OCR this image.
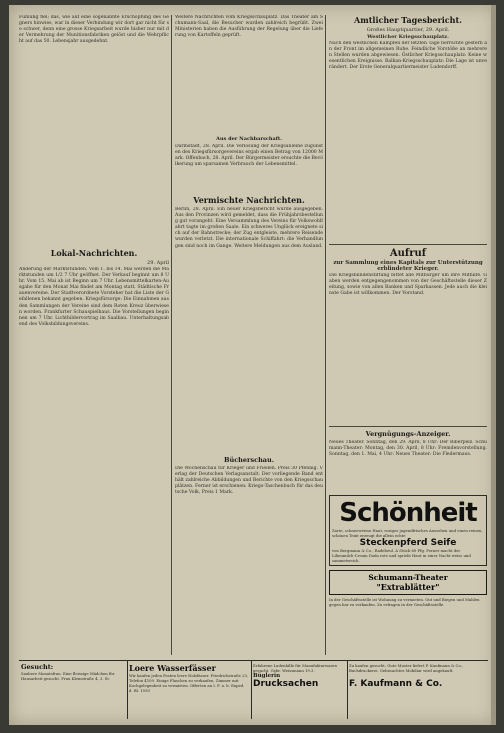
Fühlung fiel; das, wie auf eine sogenannte Erschöpfung des Gegners hinwies, war in dieser Verbindung wir dort gar nicht für so schwer, denn eine grosse Kriegsarbeit wurde bisher nur mit der Vermehrung der Munitionsfabriken gelöst und die Wehrpflicht auf das 50. Lebensjahr ausgedehnt.

Lokal-Nachrichten.
29. April

Änderung der Marktstunden. Vom 1. bis 14. Mai werden die Marktstunden um 1/2 7 Uhr geöffnet. Der Verkauf beginnt um 8 Uhr. Vom 15. Mai ab ist Beginn um 7 Uhr. Lebensmittelkarten-Ausgabe für den Monat Mai findet am Montag statt. Städtische Frauenvereine. Der Stadtverordnete Vorsteher hat die Liste der Gefallenen bekannt gegeben. Kriegsfürsorge: Die Einnahmen aus den Sammlungen der Vereine sind dem Roten Kreuz überwiesen worden. Frankfurter Schauspielhaus. Die Vorstellungen beginnen um 7 Uhr. Lichtbildervortrag im Saalbau. Unterhaltungsabend des Volksbildungsvereins.

Weitere Nachrichten vom Kriegsschauplatz. Das Theater am Schumann-Saal, die Besucher wurden zahlreich begrüßt. Zwei Ministerien haben die Ausführung der Regelung über die Lieferung von Kartoffeln geprüft.

Aus der Nachbarschaft.

Darmstadt, 28. April. Die Verlosung der Kriegsanleihe zugunsten des Kriegsfürsorgevereins ergab einen Betrag von 12000 Mark. Offenbach, 28. April. Der Bürgermeister ersuchte die Bevölkerung um sparsamen Verbrauch der Lebensmittel.

Vermischte Nachrichten.

Berlin, 28. April. Ein neuer Kriegsbericht wurde ausgegeben. Aus den Provinzen wird gemeldet, dass die Frühjahrsbestellung gut vorangeht. Eine Versammlung des Vereins für Volkswohlfahrt tagte im großen Saale. Ein schweres Unglück ereignete sich auf der Bahnstrecke; der Zug entgleiste, mehrere Reisende wurden verletzt. Die internationale Schiffahrt: die Verhandlungen sind noch im Gange. Weitere Meldungen aus dem Ausland.

Bücherschau.

Die Wochenschau für Krieger und Frieden. Preis 30 Pfennig. Verlag der Deutschen Verlagsanstalt. Der vorliegende Band enthält zahlreiche Abbildungen und Berichte von den Kriegsschauplätzen. Ferner ist erschienen: Kriegs-Taschenbuch für das deutsche Volk, Preis 1 Mark.

Amtlicher Tagesbericht.
Großes Hauptquartier, 29. April.
Westlicher Kriegsschauplatz.

Nach den westlichen Kämpfen der letzten Tage herrschte gestern an der Front im allgemeinen Ruhe. Feindliche Vorstöße an mehreren Stellen wurden abgewiesen. Östlicher Kriegsschauplatz: Keine wesentlichen Ereignisse. Balkan-Kriegsschauplatz: Die Lage ist unverändert. Der Erste Generalquartiermeister Ludendorff.

Aufruf
zur Sammlung eines Kapitals zur Unterstützung erblindeter Krieger.

Die Kriegsblindenstiftung bittet alle Mitbürger um ihre Mithilfe. Gaben werden entgegengenommen von der Geschäftsstelle dieser Zeitung, sowie von allen Banken und Sparkassen. Jede auch die kleinste Gabe ist willkommen. Der Vorstand.

Vergnügungs-Anzeiger.

Neues Theater. Sonntag, den 29. April, 8 Uhr: Der Biberpelz. Schumann-Theater: Montag, den 30. April, 8 Uhr: Fremdenvorstellung. Sonntag, den 1. Mai, 4 Uhr: Neues Theater: Die Fledermaus.

Schönheit
Zarte, schneeweisse Haut, rosiges jugendfrisches Aussehen und einen reinen, schönen Teint erzeugt die allein echte
Steckenpferd Seife
von Bergmann & Co., Radebeul. À Stück 60 Pfg. Ferner macht der Lilienmilch-Cream Dada rote und spröde Haut in einer Nacht weiss und sammetweich.
Schumann-Theater
"Extrablätter"

In der Geschäftsstelle ist Wohnung zu vermieten. Gut und Biegen und Mahlen gegen bar zu verkaufen. Zu erfragen in der Geschäftsstelle.

Gesucht:
Saubere Monatsfrau. Eine fleissige Mädchen für Hausarbeit gesucht. Frau Kleinstraße 4, 3. St.
Loere Wasserfässer
Wir kaufen jeden Posten leere Holzfässer. Friedrichstraße 23, Telefon 4109. Einige Flaschen zu verkaufen. Zimmer mit Kochgelegenheit zu vermieten. Offerten an I. F. a. b. Exped. d. Bl. 1593
Erfahrene Ladenhilfe für Manufakturwaren gesucht. Gebr. Weissmann 19.3.
Büglerin
Drucksachen
Zu kaufen gesucht. Gute Muster liefert F. Kaufmann & Co., Buchdruckerei. Gebrauchtes Mobiliar wird angekauft.
F. Kaufmann & Co.
